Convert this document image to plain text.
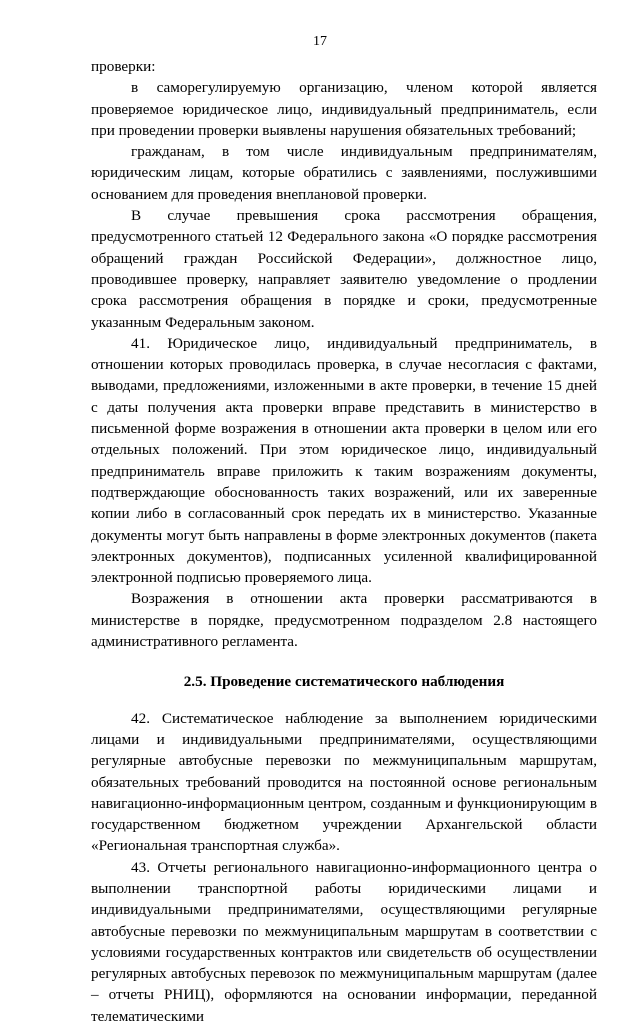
17

проверки:

в саморегулируемую организацию, членом которой является проверяемое юридическое лицо, индивидуальный предприниматель, если при проведении проверки выявлены нарушения обязательных требований;

гражданам, в том числе индивидуальным предпринимателям, юридическим лицам, которые обратились с заявлениями, послужившими основанием для проведения внеплановой проверки.

В случае превышения срока рассмотрения обращения, предусмотренного статьей 12 Федерального закона «О порядке рассмотрения обращений граждан Российской Федерации», должностное лицо, проводившее проверку, направляет заявителю уведомление о продлении срока рассмотрения обращения в порядке и сроки, предусмотренные указанным Федеральным законом.

41. Юридическое лицо, индивидуальный предприниматель, в отношении которых проводилась проверка, в случае несогласия с фактами, выводами, предложениями, изложенными в акте проверки, в течение 15 дней с даты получения акта проверки вправе представить в министерство в письменной форме возражения в отношении акта проверки в целом или его отдельных положений. При этом юридическое лицо, индивидуальный предприниматель вправе приложить к таким возражениям документы, подтверждающие обоснованность таких возражений, или их заверенные копии либо в согласованный срок передать их в министерство. Указанные документы могут быть направлены в форме электронных документов (пакета электронных документов), подписанных усиленной квалифицированной электронной подписью проверяемого лица.

Возражения в отношении акта проверки рассматриваются в министерстве в порядке, предусмотренном подразделом 2.8 настоящего административного регламента.

2.5. Проведение систематического наблюдения

42. Систематическое наблюдение за выполнением юридическими лицами и индивидуальными предпринимателями, осуществляющими регулярные автобусные перевозки по межмуниципальным маршрутам, обязательных требований проводится на постоянной основе региональным навигационно-информационным центром, созданным и функционирующим в государственном бюджетном учреждении Архангельской области «Региональная транспортная служба».

43. Отчеты регионального навигационно-информационного центра о выполнении транспортной работы юридическими лицами и индивидуальными предпринимателями, осуществляющими регулярные автобусные перевозки по межмуниципальным маршрутам в соответствии с условиями государственных контрактов или свидетельств об осуществлении регулярных автобусных перевозок по межмуниципальным маршрутам (далее – отчеты РНИЦ), оформляются на основании информации, переданной телематическими
